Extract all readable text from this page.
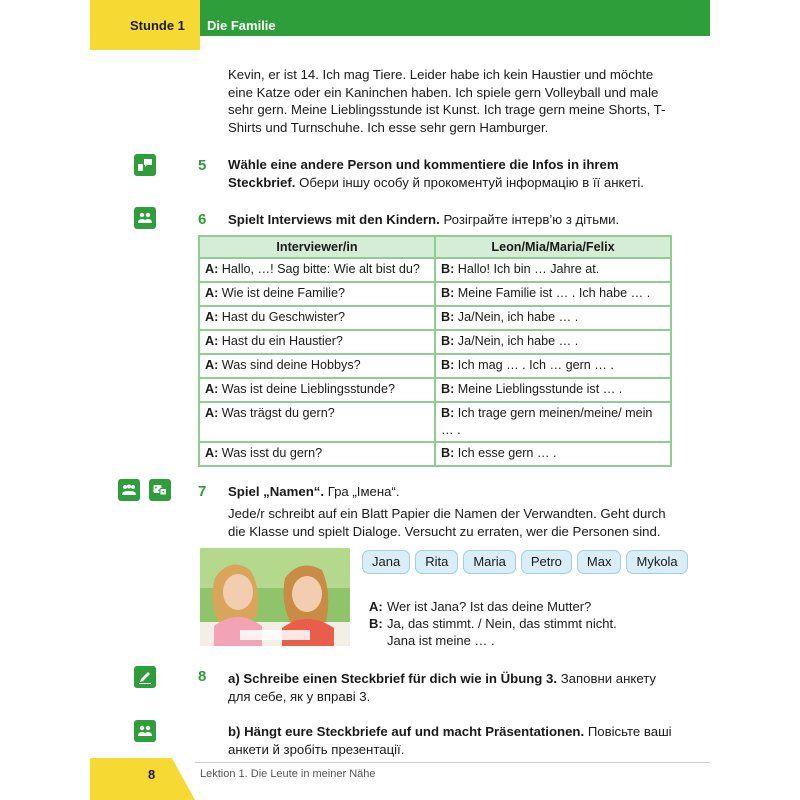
Stunde 1 Die Familie

Kevin, er ist 14. Ich mag Tiere. Leider habe ich kein Haustier und möchte eine Katze oder ein Kaninchen haben. Ich spiele gern Volleyball und male sehr gern. Meine Lieblingsstunde ist Kunst. Ich trage gern meine Shorts, T-Shirts und Turnschuhe. Ich esse sehr gern Hamburger.

5 Wähle eine andere Person und kommentiere die Infos in ihrem Steckbrief. Обери іншу особу й прокоментуй інформацію в її анкеті.
6 Spielt Interviews mit den Kindern. Розіграйте інтерв’ю з дітьми.
Interviewer/in	Leon/Mia/Maria/Felix
A: Hallo, …! Sag bitte: Wie alt bist du?	B: Hallo! Ich bin … Jahre at.
A: Wie ist deine Familie?	B: Meine Familie ist … . Ich habe … .
A: Hast du Geschwister?	B: Ja/Nein, ich habe … .
A: Hast du ein Haustier?	B: Ja/Nein, ich habe … .
A: Was sind deine Hobbys?	B: Ich mag … . Ich … gern … .
A: Was ist deine Lieblingsstunde?	B: Meine Lieblingsstunde ist … .
A: Was trägst du gern?	B: Ich trage gern meinen/meine/ mein … .
A: Was isst du gern?	B: Ich esse gern … .
7 Spiel „Namen“. Гра „Імена“.

Jede/r schreibt auf ein Blatt Papier die Namen der Verwandten. Geht durch die Klasse und spielt Dialoge. Versucht zu erraten, wer die Personen sind.

Jana	Rita	Maria	Petro	Max	Mykola
A: Wer ist Jana? Ist das deine Mutter?
B: Ja, das stimmt. / Nein, das stimmt nicht.
Jana ist meine … .
8 a) Schreibe einen Steckbrief für dich wie in Übung 3. Заповни анкету для себе, як у вправі 3.
b) Hängt eure Steckbriefe auf und macht Präsentationen. Повісьте ваші анкети й зробіть презентації.
8	Lektion 1. Die Leute in meiner Nähe
